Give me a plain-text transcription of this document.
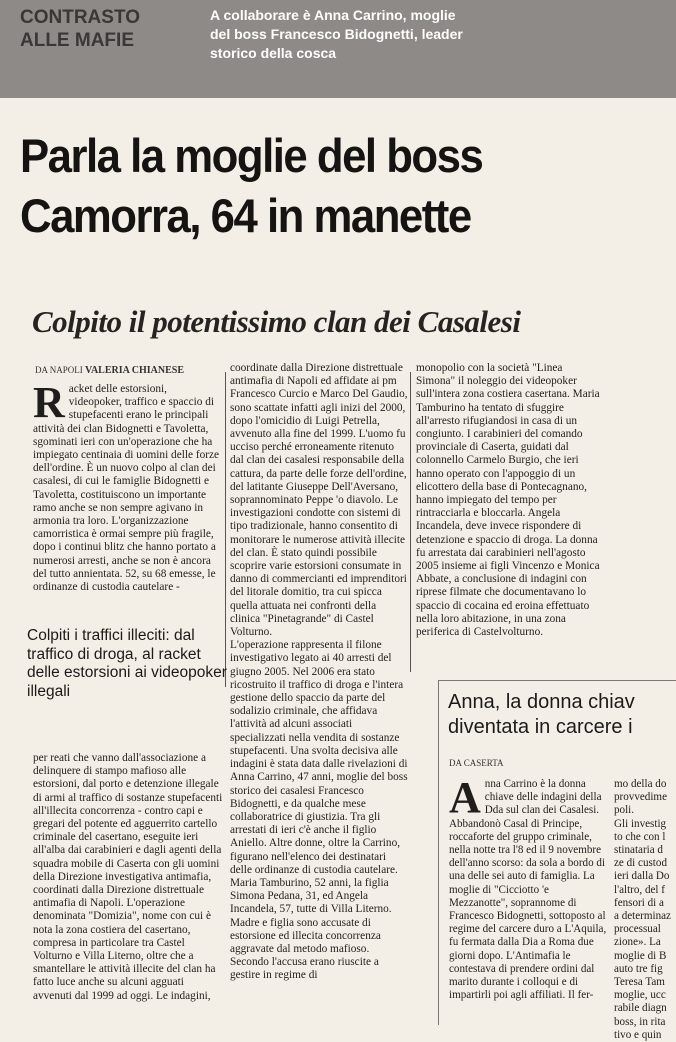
CONTRASTO ALLE MAFIE
A collaborare è Anna Carrino, moglie del boss Francesco Bidognetti, leader storico della cosca
Parla la moglie del boss
Camorra, 64 in manette
Colpito il potentissimo clan dei Casalesi
DA NAPOLI VALERIA CHIANESE
R acket delle estorsioni, videopoker, traffico e spaccio di stupefacenti erano le principali attività dei clan Bidognetti e Tavoletta, sgominati ieri con un'operazione che ha impiegato centinaia di uomini delle forze dell'ordine. È un nuovo colpo al clan dei casalesi, di cui le famiglie Bidognetti e Tavoletta, costituiscono un importante ramo anche se non sempre agivano in armonia tra loro. L'organizzazione camorristica è ormai sempre più fragile, dopo i continui blitz che hanno portato a numerosi arresti, anche se non è ancora del tutto annientata. 52, su 68 emesse, le ordinanze di custodia cautelare -
Colpiti i traffici illeciti: dal traffico di droga, al racket delle estorsioni ai videopoker illegali
per reati che vanno dall'associazione a delinquere di stampo mafioso alle estorsioni, dal porto e detenzione illegale di armi al traffico di sostanze stupefacenti all'illecita concorrenza - contro capi e gregari del potente ed agguerrito cartello criminale del casertano, eseguite ieri all'alba dai carabinieri e dagli agenti della squadra mobile di Caserta con gli uomini della Direzione investigativa antimafia, coordinati dalla Direzione distrettuale antimafia di Napoli. L'operazione denominata "Domizia", nome con cui è nota la zona costiera del casertano, compresa in particolare tra Castel Volturno e Villa Literno, oltre che a smantellare le attività illecite del clan ha fatto luce anche su alcuni agguati avvenuti dal 1999 ad oggi. Le indagini,
coordinate dalla Direzione distrettuale antimafia di Napoli ed affidate ai pm Francesco Curcio e Marco Del Gaudio, sono scattate infatti agli inizi del 2000, dopo l'omicidio di Luigi Petrella, avvenuto alla fine del 1999. L'uomo fu ucciso perché erroneamente ritenuto dal clan dei casalesi responsabile della cattura, da parte delle forze dell'ordine, del latitante Giuseppe Dell'Aversano, soprannominato Peppe 'o diavolo. Le investigazioni condotte con sistemi di tipo tradizionale, hanno consentito di monitorare le numerose attività illecite del clan. È stato quindi possibile scoprire varie estorsioni consumate in danno di commercianti ed imprenditori del litorale domitio, tra cui spicca quella attuata nei confronti della clinica "Pinetagrande" di Castel Volturno.
L'operazione rappresenta il filone investigativo legato ai 40 arresti del giugno 2005. Nel 2006 era stato ricostruito il traffico di droga e l'intera gestione dello spaccio da parte del sodalizio criminale, che affidava l'attività ad alcuni associati specializzati nella vendita di sostanze stupefacenti. Una svolta decisiva alle indagini è stata data dalle rivelazioni di Anna Carrino, 47 anni, moglie del boss storico dei casalesi Francesco Bidognetti, e da qualche mese collaboratrice di giustizia. Tra gli arrestati di ieri c'è anche il figlio Aniello. Altre donne, oltre la Carrino, figurano nell'elenco dei destinatari delle ordinanze di custodia cautelare. Maria Tamburino, 52 anni, la figlia Simona Pedana, 31, ed Angela Incandela, 57, tutte di Villa Literno. Madre e figlia sono accusate di estorsione ed illecita concorrenza aggravate dal metodo mafioso. Secondo l'accusa erano riuscite a gestire in regime di
monopolio con la società "Linea Simona" il noleggio dei videopoker sull'intera zona costiera casertana. Maria Tamburino ha tentato di sfuggire all'arresto rifugiandosi in casa di un congiunto. I carabinieri del comando provinciale di Caserta, guidati dal colonnello Carmelo Burgio, che ieri hanno operato con l'appoggio di un elicottero della base di Pontecagnano, hanno impiegato del tempo per rintracciarla e bloccarla. Angela Incandela, deve invece rispondere di detenzione e spaccio di droga. La donna fu arrestata dai carabinieri nell'agosto 2005 insieme ai figli Vincenzo e Monica Abbate, a conclusione di indagini con riprese filmate che documentavano lo spaccio di cocaina ed eroina effettuato nella loro abitazione, in una zona periferica di Castelvolturno.
Anna, la donna chiav
diventata in carcere i
DA CASERTA
A nna Carrino è la donna chiave delle indagini della Dda sul clan dei Casalesi. Abbandonò Casal di Principe, roccaforte del gruppo criminale, nella notte tra l'8 ed il 9 novembre dell'anno scorso: da sola a bordo di una delle sei auto di famiglia. La moglie di "Cicciotto 'e Mezzanotte", soprannome di Francesco Bidognetti, sottoposto al regime del carcere duro a L'Aquila, fu fermata dalla Dia a Roma due giorni dopo. L'Antimafia le contestava di prendere ordini dal marito durante i colloqui e di impartirli poi agli affiliati. Il fer-
mo della do
provvedime
poli.
Gli investig
to che con l
stinataria d
ze di custod
ieri dalla Do
l'altro, del f
fensori di a
a determinaz
processual
zione». La
moglie di B
auto tre fig
Teresa Tam
moglie, ucc
rabile diagn
boss, in rita
tivo e quin
